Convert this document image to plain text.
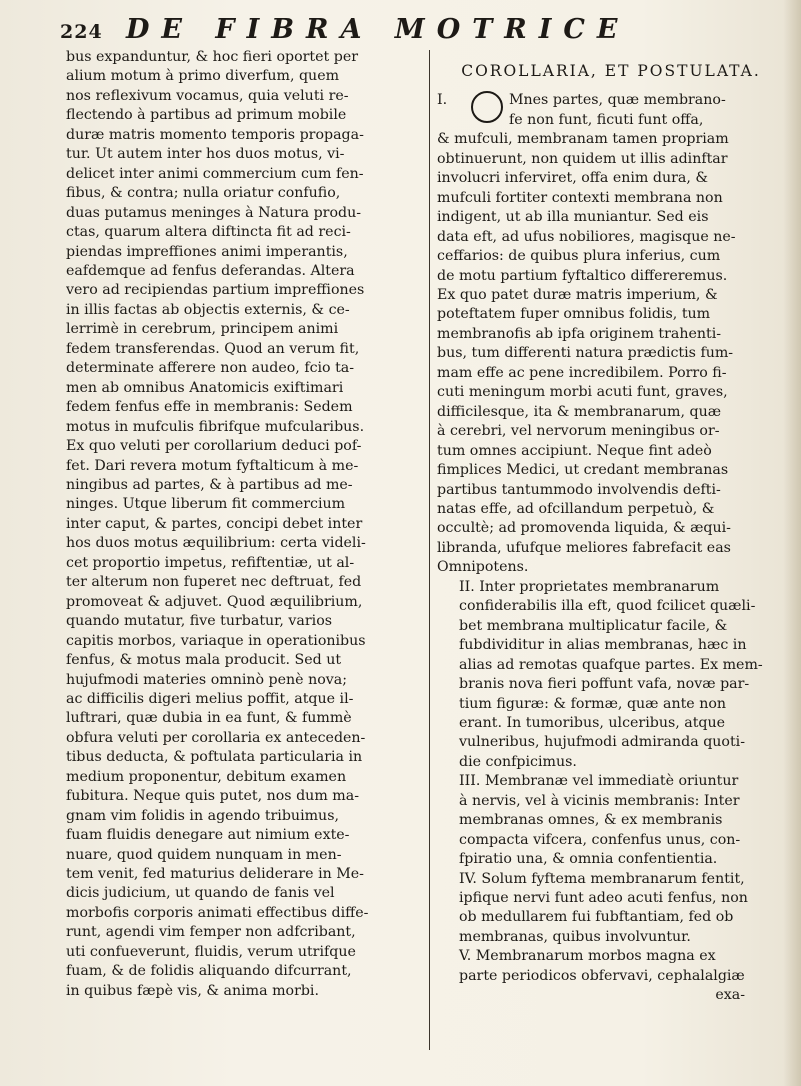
224 DE FIBRA MOTRICE
bus expanduntur, & hoc fieri oportet per
alium motum à primo diverfum, quem
nos reflexivum vocamus, quia veluti re-
flectendo à partibus ad primum mobile
duræ matris momento temporis propaga-
tur. Ut autem inter hos duos motus, vi-
delicet inter animi commercium cum fen-
fibus, & contra; nulla oriatur confufio,
duas putamus meninges à Natura produ-
ctas, quarum altera diftincta fit ad reci-
piendas impreffiones animi imperantis,
eafdemque ad fenfus deferandas. Altera
vero ad recipiendas partium impreffiones
in illis factas ab objectis externis, & ce-
lerrimè in cerebrum, principem animi
fedem transferendas. Quod an verum fit,
determinate afferere non audeo, fcio ta-
men ab omnibus Anatomicis exiftimari
fedem fenfus effe in membranis: Sedem
motus in mufculis fibrifque mufcularibus.
Ex quo veluti per corollarium deduci pof-
fet. Dari revera motum fyftalticum à me-
ningibus ad partes, & à partibus ad me-
ninges. Utque liberum fit commercium
inter caput, & partes, concipi debet inter
hos duos motus æquilibrium: certa videli-
cet proportio impetus, refiftentiæ, ut al-
ter alterum non fuperet nec deftruat, fed
promoveat & adjuvet. Quod æquilibrium,
quando mutatur, five turbatur, varios
capitis morbos, variaque in operationibus
fenfus, & motus mala producit. Sed ut
hujufmodi materies omninò penè nova;
ac difficilis digeri melius poffit, atque il-
luftrari, quæ dubia in ea funt, & fummè
obfura veluti per corollaria ex anteceden-
tibus deducta, & poftulata particularia in
medium proponentur, debitum examen
fubitura. Neque quis putet, nos dum ma-
gnam vim folidis in agendo tribuimus,
fuam fluidis denegare aut nimium exte-
nuare, quod quidem nunquam in men-
tem venit, fed maturius deliderare in Me-
dicis judicium, ut quando de fanis vel
morbofis corporis animati effectibus diffe-
runt, agendi vim femper non adfcribant,
uti confueverunt, fluidis, verum utrifque
fuam, & de folidis aliquando difcurrant,
in quibus fæpè vis, & anima morbi.
COROLLARIA, ET POSTULATA.
I.	Mnes partes, quæ membrano-
fe non funt, ficuti funt offa,
& mufculi, membranam tamen propriam
obtinuerunt, non quidem ut illis adinftar
involucri inferviret, offa enim dura, &
mufculi fortiter contexti membrana non
indigent, ut ab illa muniantur. Sed eis
data eft, ad ufus nobiliores, magisque ne-
ceffarios: de quibus plura inferius, cum
de motu partium fyftaltico differeremus.
Ex quo patet duræ matris imperium, &
poteftatem fuper omnibus folidis, tum
membranofis ab ipfa originem trahenti-
bus, tum differenti natura prædictis fum-
mam effe ac pene incredibilem. Porro fi-
cuti meningum morbi acuti funt, graves,
difficilesque, ita & membranarum, quæ
à cerebri, vel nervorum meningibus or-
tum omnes accipiunt. Neque fint adeò
fimplices Medici, ut credant membranas
partibus tantummodo involvendis defti-
natas effe, ad ofcillandum perpetuò, &
occultè; ad promovenda liquida, & æqui-
libranda, ufufque meliores fabrefacit eas
Omnipotens.
II. Inter proprietates membranarum
confiderabilis illa eft, quod fcilicet quæli-
bet membrana multiplicatur facile, &
fubdividitur in alias membranas, hæc in
alias ad remotas quafque partes. Ex mem-
branis nova fieri poffunt vafa, novæ par-
tium figuræ: & formæ, quæ ante non
erant. In tumoribus, ulceribus, atque
vulneribus, hujufmodi admiranda quoti-
die confpicimus.
III. Membranæ vel immediatè oriuntur
à nervis, vel à vicinis membranis: Inter
membranas omnes, & ex membranis
compacta vifcera, confenfus unus, con-
fpiratio una, & omnia confentientia.
IV. Solum fyftema membranarum fentit,
ipfique nervi funt adeo acuti fenfus, non
ob medullarem fui fubftantiam, fed ob
membranas, quibus involvuntur.
V. Membranarum morbos magna ex
parte periodicos obfervavi, cephalalgiæ
exa-
